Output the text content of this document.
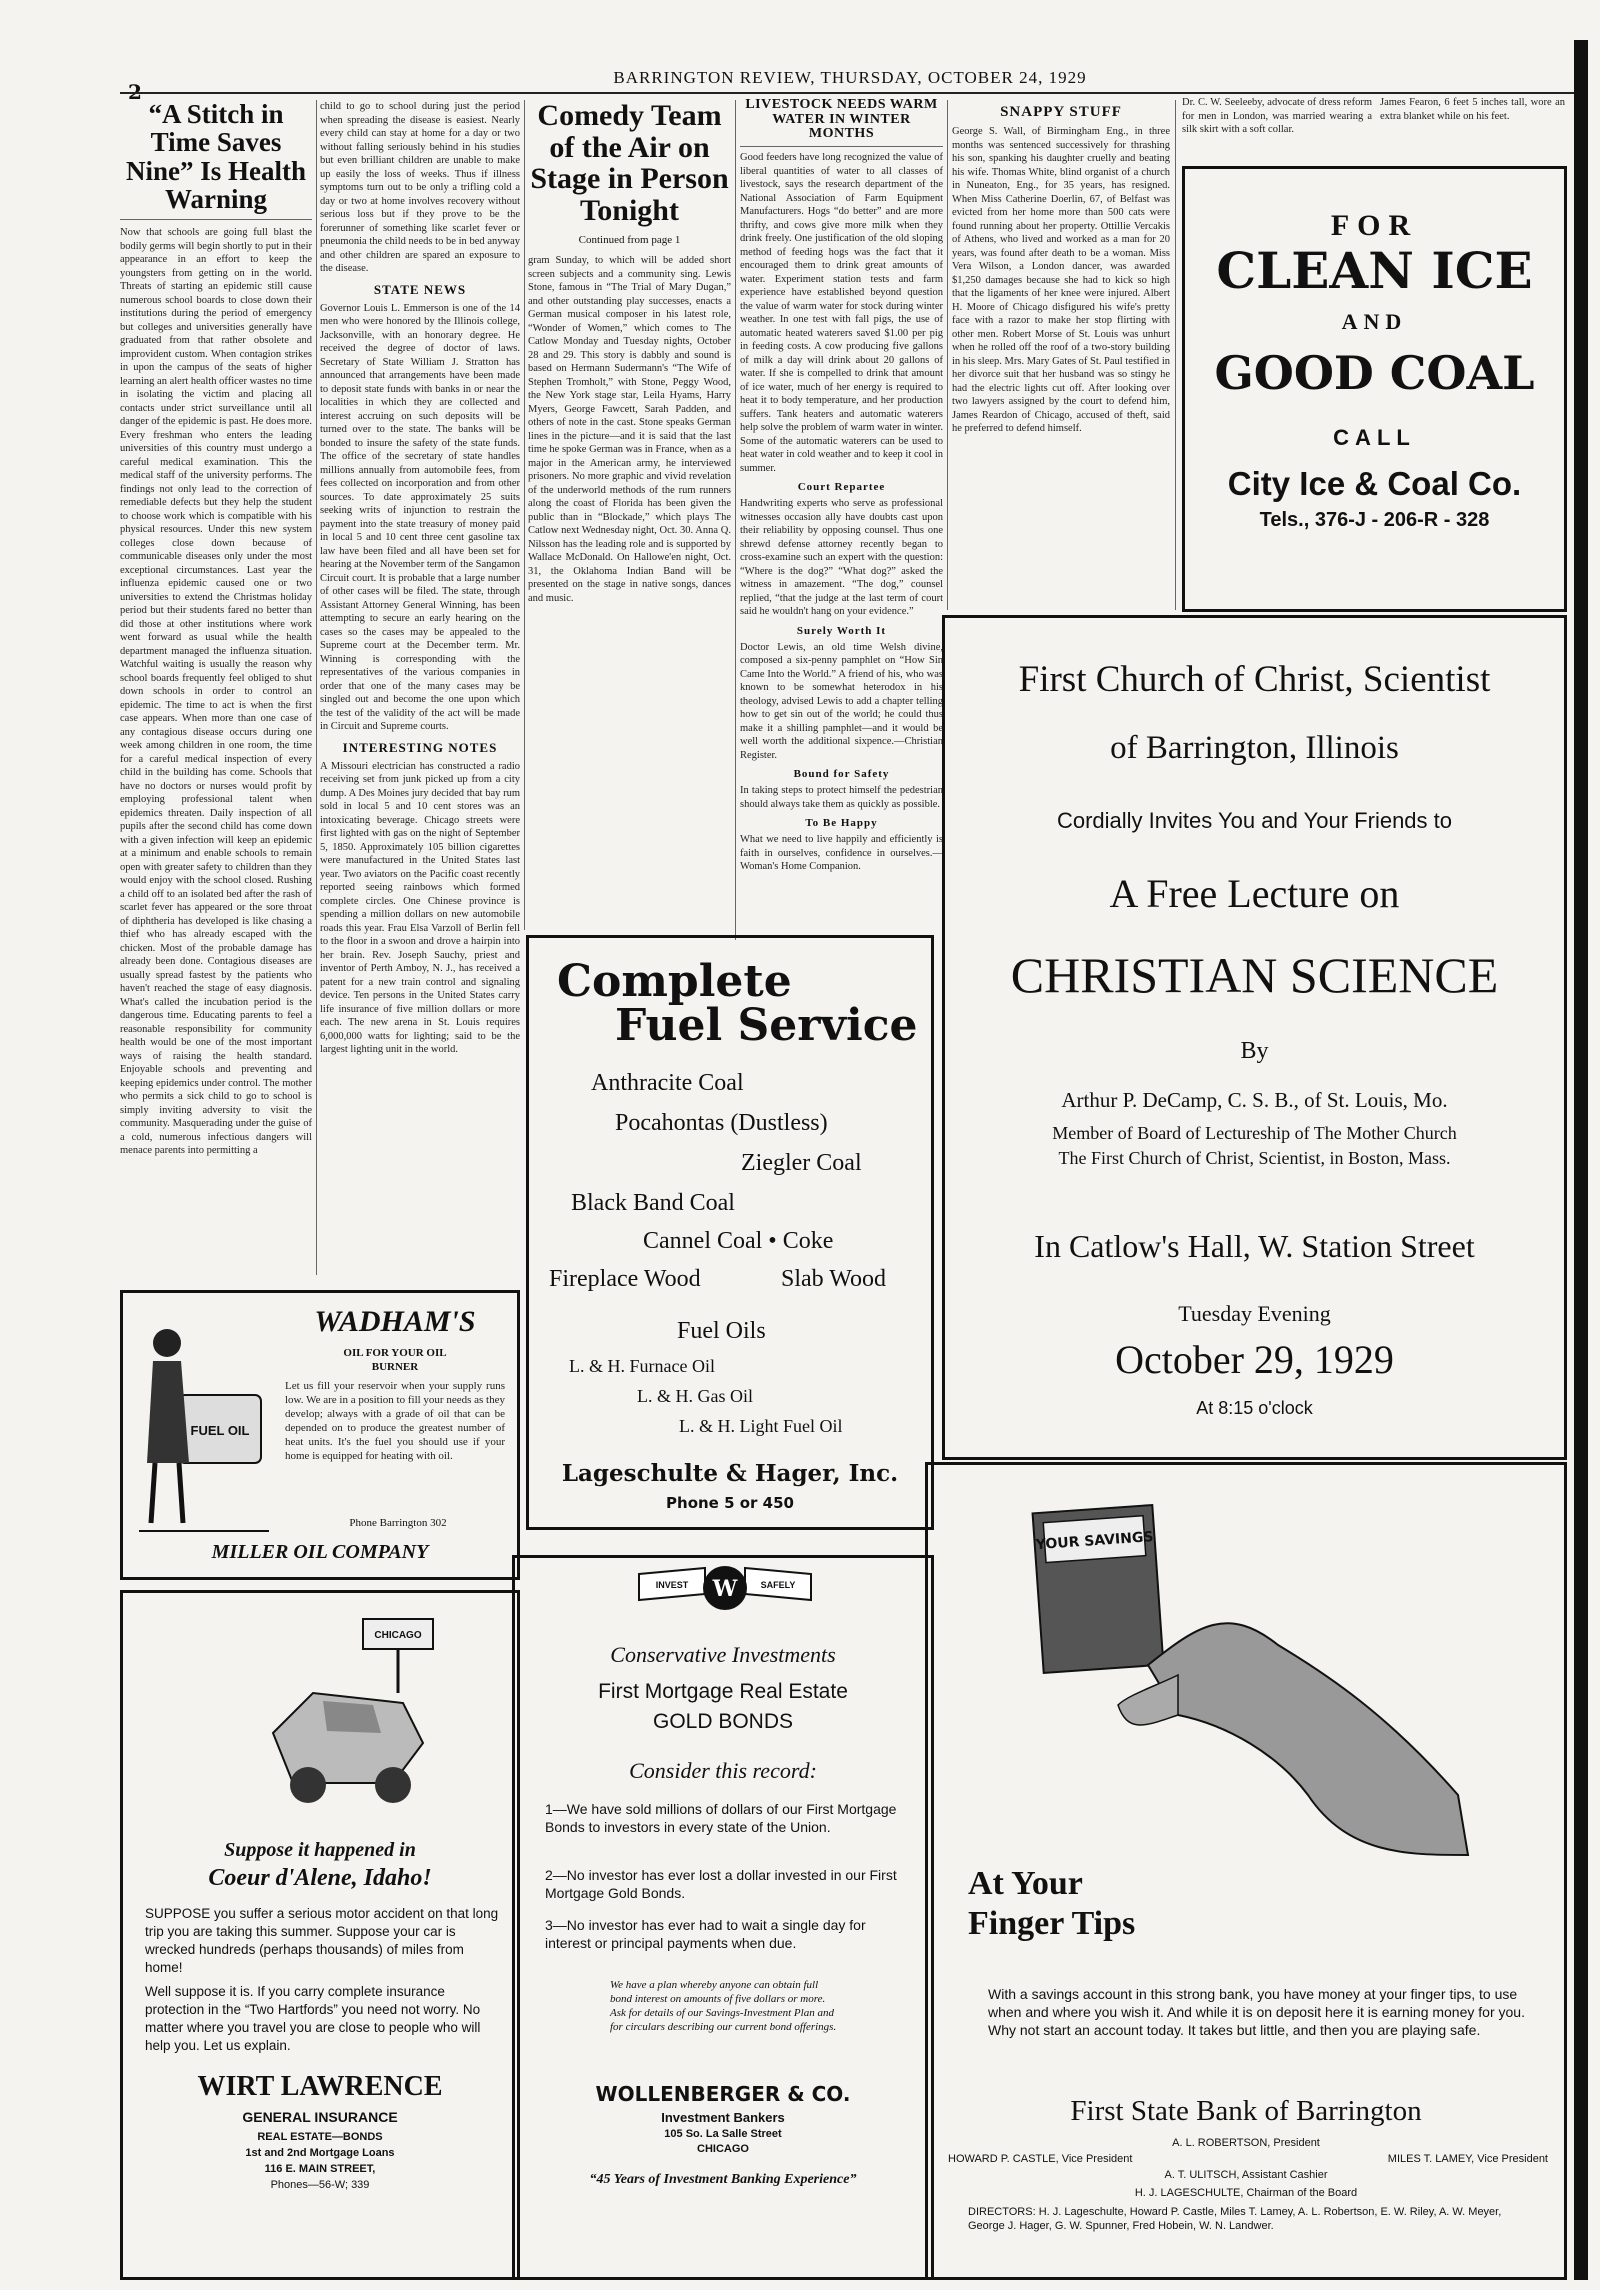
BARRINGTON REVIEW, THURSDAY, OCTOBER 24, 1929
“A Stitch in Time Saves Nine” Is Health Warning
Now that schools are going full blast the bodily germs will begin shortly to put in their appearance in an effort to keep the youngsters from getting on in the world. Threats of starting an epidemic still cause numerous school boards to close down their institutions during the period of emergency but colleges and universities generally have graduated from that rather obsolete and improvident custom. When contagion strikes in upon the campus of the seats of higher learning an alert health officer wastes no time in isolating the victim and placing all contacts under strict surveillance until all danger of the epidemic is past. He does more. Every freshman who enters the leading universities of this country must undergo a careful medical examination. This the medical staff of the university performs. The findings not only lead to the correction of remediable defects but they help the student to choose work which is compatible with his physical resources. Under this new system colleges close down because of communicable diseases only under the most exceptional circumstances. Last year the influenza epidemic caused one or two universities to extend the Christmas holiday period but their students fared no better than did those at other institutions where work went forward as usual while the health department managed the influenza situation. Watchful waiting is usually the reason why school boards frequently feel obliged to shut down schools in order to control an epidemic. The time to act is when the first case appears. When more than one case of any contagious disease occurs during one week among children in one room, the time for a careful medical inspection of every child in the building has come. Schools that have no doctors or nurses would profit by employing professional talent when epidemics threaten. Daily inspection of all pupils after the second child has come down with a given infection will keep an epidemic at a minimum and enable schools to remain open with greater safety to children than they would enjoy with the school closed. Rushing a child off to an isolated bed after the rash of scarlet fever has appeared or the sore throat of diphtheria has developed is like chasing a thief who has already escaped with the chicken. Most of the probable damage has already been done. Contagious diseases are usually spread fastest by the patients who haven't reached the stage of easy diagnosis. What's called the incubation period is the dangerous time. Educating parents to feel a reasonable responsibility for community health would be one of the most important ways of raising the health standard. Enjoyable schools and preventing and keeping epidemics under control. The mother who permits a sick child to go to school is simply inviting adversity to visit the community. Masquerading under the guise of a cold, numerous infectious dangers will menace parents into permitting a
child to go to school during just the period when spreading the disease is easiest. Nearly every child can stay at home for a day or two without falling seriously behind in his studies but even brilliant children are unable to make up easily the loss of weeks. Thus if illness symptoms turn out to be only a trifling cold a day or two at home involves recovery without serious loss but if they prove to be the forerunner of something like scarlet fever or pneumonia the child needs to be in bed anyway and other children are spared an exposure to the disease.
STATE NEWS
Governor Louis L. Emmerson is one of the 14 men who were honored by the Illinois college, Jacksonville, with an honorary degree. He received the degree of doctor of laws. Secretary of State William J. Stratton has announced that arrangements have been made to deposit state funds with banks in or near the localities in which they are collected and interest accruing on such deposits will be turned over to the state. The banks will be bonded to insure the safety of the state funds. The office of the secretary of state handles millions annually from automobile fees, from fees collected on incorporation and from other sources. To date approximately 25 suits seeking writs of injunction to restrain the payment into the state treasury of money paid in local 5 and 10 cent three cent gasoline tax law have been filed and all have been set for hearing at the November term of the Sangamon Circuit court. It is probable that a large number of other cases will be filed. The state, through Assistant Attorney General Winning, has been attempting to secure an early hearing on the cases so the cases may be appealed to the Supreme court at the December term. Mr. Winning is corresponding with the representatives of the various companies in order that one of the many cases may be singled out and become the one upon which the test of the validity of the act will be made in Circuit and Supreme courts.
INTERESTING NOTES
A Missouri electrician has constructed a radio receiving set from junk picked up from a city dump. A Des Moines jury decided that bay rum sold in local 5 and 10 cent stores was an intoxicating beverage. Chicago streets were first lighted with gas on the night of September 5, 1850. Approximately 105 billion cigarettes were manufactured in the United States last year. Two aviators on the Pacific coast recently reported seeing rainbows which formed complete circles. One Chinese province is spending a million dollars on new automobile roads this year. Frau Elsa Varzoll of Berlin fell to the floor in a swoon and drove a hairpin into her brain. Rev. Joseph Sauchy, priest and inventor of Perth Amboy, N. J., has received a patent for a new train control and signaling device. Ten persons in the United States carry life insurance of five million dollars or more each. The new arena in St. Louis requires 6,000,000 watts for lighting; said to be the largest lighting unit in the world.
Comedy Team of the Air on Stage in Person Tonight
Continued from page 1
gram Sunday, to which will be added short screen subjects and a community sing. Lewis Stone, famous in “The Trial of Mary Dugan,” and other outstanding play successes, enacts a German musical composer in his latest role, “Wonder of Women,” which comes to The Catlow Monday and Tuesday nights, October 28 and 29. This story is dabbly and sound is based on Hermann Sudermann's “The Wife of Stephen Tromholt,” with Stone, Peggy Wood, the New York stage star, Leila Hyams, Harry Myers, George Fawcett, Sarah Padden, and others of note in the cast. Stone speaks German lines in the picture—and it is said that the last time he spoke German was in France, when as a major in the American army, he interviewed prisoners. No more graphic and vivid revelation of the underworld methods of the rum runners along the coast of Florida has been given the public than in “Blockade,” which plays The Catlow next Wednesday night, Oct. 30. Anna Q. Nilsson has the leading role and is supported by Wallace McDonald. On Hallowe'en night, Oct. 31, the Oklahoma Indian Band will be presented on the stage in native songs, dances and music.
LIVESTOCK NEEDS WARM WATER IN WINTER MONTHS
Good feeders have long recognized the value of liberal quantities of water to all classes of livestock, says the research department of the National Association of Farm Equipment Manufacturers. Hogs “do better” and are more thrifty, and cows give more milk when they drink freely. One justification of the old sloping method of feeding hogs was the fact that it encouraged them to drink great amounts of water. Experiment station tests and farm experience have established beyond question the value of warm water for stock during winter weather. In one test with fall pigs, the use of automatic heated waterers saved $1.00 per pig in feeding costs. A cow producing five gallons of milk a day will drink about 20 gallons of water. If she is compelled to drink that amount of ice water, much of her energy is required to heat it to body temperature, and her production suffers. Tank heaters and automatic waterers help solve the problem of warm water in winter. Some of the automatic waterers can be used to heat water in cold weather and to keep it cool in summer.
Court Repartee
Handwriting experts who serve as professional witnesses occasion ally have doubts cast upon their reliability by opposing counsel. Thus one shrewd defense attorney recently began to cross-examine such an expert with the question: “Where is the dog?” “What dog?” asked the witness in amazement. “The dog,” counsel replied, “that the judge at the last term of court said he wouldn't hang on your evidence.”
Surely Worth It
Doctor Lewis, an old time Welsh divine, composed a six-penny pamphlet on “How Sin Came Into the World.” A friend of his, who was known to be somewhat heterodox in his theology, advised Lewis to add a chapter telling how to get sin out of the world; he could thus make it a shilling pamphlet—and it would be well worth the additional sixpence.—Christian Register.
Bound for Safety
In taking steps to protect himself the pedestrian should always take them as quickly as possible.
To Be Happy
What we need to live happily and efficiently is faith in ourselves, confidence in ourselves.—Woman's Home Companion.
SNAPPY STUFF
George S. Wall, of Birmingham Eng., in three months was sentenced successively for thrashing his son, spanking his daughter cruelly and beating his wife. Thomas White, blind organist of a church in Nuneaton, Eng., for 35 years, has resigned. When Miss Catherine Doerlin, 67, of Belfast was evicted from her home more than 500 cats were found running about her property. Ottillie Vercakis of Athens, who lived and worked as a man for 20 years, was found after death to be a woman. Miss Vera Wilson, a London dancer, was awarded $1,250 damages because she had to kick so high that the ligaments of her knee were injured. Albert H. Moore of Chicago disfigured his wife's pretty face with a razor to make her stop flirting with other men. Robert Morse of St. Louis was unhurt when he rolled off the roof of a two-story building in his sleep. Mrs. Mary Gates of St. Paul testified in her divorce suit that her husband was so stingy he had the electric lights cut off. After looking over two lawyers assigned by the court to defend him, James Reardon of Chicago, accused of theft, said he preferred to defend himself.
Dr. C. W. Seeleeby, advocate of dress reform for men in London, was married wearing a silk skirt with a soft collar.
James Fearon, 6 feet 5 inches tall, wore an extra blanket while on his feet.
FOR
CLEAN ICE
AND
GOOD COAL
CALL
City Ice & Coal Co.
Tels., 376-J - 206-R - 328
Complete
Fuel Service
Anthracite Coal
Pocahontas (Dustless)
Ziegler Coal
Black Band Coal
Cannel Coal • Coke
Fireplace Wood	Slab Wood
Fuel Oils
L. & H. Furnace Oil
L. & H. Gas Oil
L. & H. Light Fuel Oil
Lageschulte & Hager, Inc.
Phone 5 or 450
First Church of Christ, Scientist
of Barrington, Illinois
Cordially Invites You and Your Friends to
A Free Lecture on
CHRISTIAN SCIENCE
By
Arthur P. DeCamp, C. S. B., of St. Louis, Mo.
Member of Board of Lectureship of The Mother Church
The First Church of Christ, Scientist, in Boston, Mass.
In Catlow's Hall, W. Station Street
Tuesday Evening
October 29, 1929
At 8:15 o'clock
FUEL OIL
WADHAM'S
OIL FOR YOUR OIL
BURNER
Let us fill your reservoir when your supply runs low. We are in a position to fill your needs as they develop; always with a grade of oil that can be depended on to produce the greatest number of heat units. It's the fuel you should use if your home is equipped for heating with oil.
Phone Barrington 302
MILLER OIL COMPANY
CHICAGO
Suppose it happened in
Coeur d'Alene, Idaho!
SUPPOSE you suffer a serious motor accident on that long trip you are taking this summer. Suppose your car is wrecked hundreds (perhaps thousands) of miles from home!
Well suppose it is. If you carry complete insurance protection in the “Two Hartfords” you need not worry. No matter where you travel you are close to people who will help you. Let us explain.
WIRT LAWRENCE
GENERAL INSURANCE
REAL ESTATE—BONDS
1st and 2nd Mortgage Loans
116 E. MAIN STREET,
Phones—56-W; 339
W
INVEST	SAFELY
Conservative Investments
First Mortgage Real Estate
GOLD BONDS
Consider this record:
1—We have sold millions of dollars of our First Mortgage Bonds to investors in every state of the Union.
2—No investor has ever lost a dollar invested in our First Mortgage Gold Bonds.
3—No investor has ever had to wait a single day for interest or principal payments when due.
We have a plan whereby anyone can obtain full bond interest on amounts of five dollars or more. Ask for details of our Savings-Investment Plan and for circulars describing our current bond offerings.
WOLLENBERGER & CO.
Investment Bankers
105 So. La Salle Street
CHICAGO
“45 Years of Investment Banking Experience”
YOUR SAVINGS
At Your
Finger Tips
With a savings account in this strong bank, you have money at your finger tips, to use when and where you wish it. And while it is on deposit here it is earning money for you. Why not start an account today. It takes but little, and then you are playing safe.
First State Bank of Barrington
A. L. ROBERTSON, President
HOWARD P. CASTLE, Vice President	MILES T. LAMEY, Vice President
A. T. ULITSCH, Assistant Cashier
H. J. LAGESCHULTE, Chairman of the Board
DIRECTORS: H. J. Lageschulte, Howard P. Castle, Miles T. Lamey, A. L. Robertson, E. W. Riley, A. W. Meyer, George J. Hager, G. W. Spunner, Fred Hobein, W. N. Landwer.
